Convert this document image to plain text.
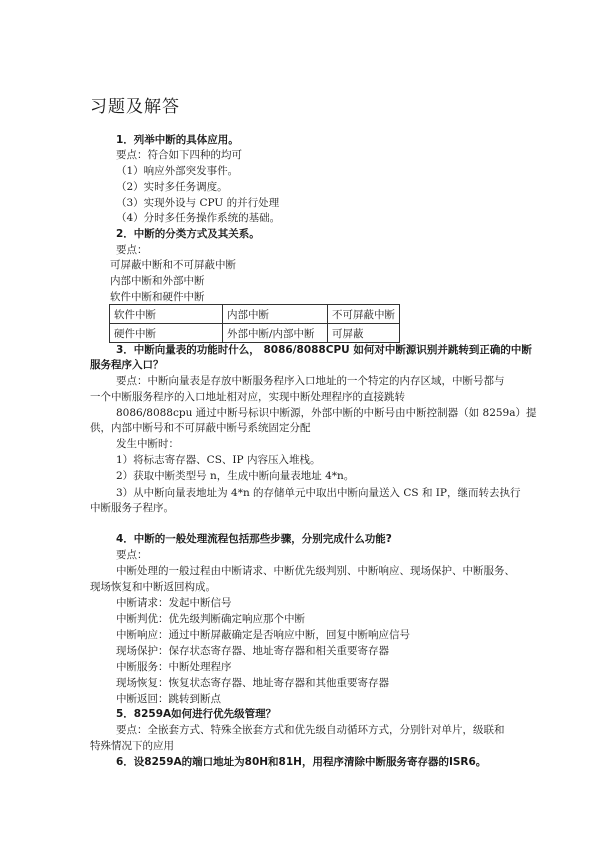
习题及解答
1．列举中断的具体应用。
要点：符合如下四种的均可
（1）响应外部突发事件。
（2）实时多任务调度。
（3）实现外设与 CPU 的并行处理
（4）分时多任务操作系统的基础。
2．中断的分类方式及其关系。
要点：
可屏蔽中断和不可屏蔽中断
内部中断和外部中断
软件中断和硬件中断
软件中断	内部中断	不可屏蔽中断
硬件中断	外部中断/内部中断	可屏蔽
3．中断向量表的功能时什么， 8086/8088CPU 如何对中断源识别并跳转到正确的中断
服务程序入口？
要点：中断向量表是存放中断服务程序入口地址的一个特定的内存区域，中断号都与
一个中断服务程序的入口地址相对应，实现中断处理程序的直接跳转
8086/8088cpu 通过中断号标识中断源，外部中断的中断号由中断控制器（如 8259a）提
供，内部中断号和不可屏蔽中断号系统固定分配
发生中断时：
1）将标志寄存器、CS、IP 内容压入堆栈。
2）获取中断类型号 n，生成中断向量表地址 4*n。
3）从中断向量表地址为 4*n 的存储单元中取出中断向量送入 CS 和 IP，继而转去执行
中断服务子程序。
4．中断的一般处理流程包括那些步骤，分别完成什么功能?
要点：
中断处理的一般过程由中断请求、中断优先级判别、中断响应、现场保护、中断服务、
现场恢复和中断返回构成。
中断请求：发起中断信号
中断判优：优先级判断确定响应那个中断
中断响应：通过中断屏蔽确定是否响应中断，回复中断响应信号
现场保护：保存状态寄存器、地址寄存器和相关重要寄存器
中断服务：中断处理程序
现场恢复：恢复状态寄存器、地址寄存器和其他重要寄存器
中断返回：跳转到断点
5．8259A如何进行优先级管理？
要点：全嵌套方式、特殊全嵌套方式和优先级自动循环方式，分别针对单片，级联和
特殊情况下的应用
6．设8259A的端口地址为80H和81H，用程序清除中断服务寄存器的ISR6。
